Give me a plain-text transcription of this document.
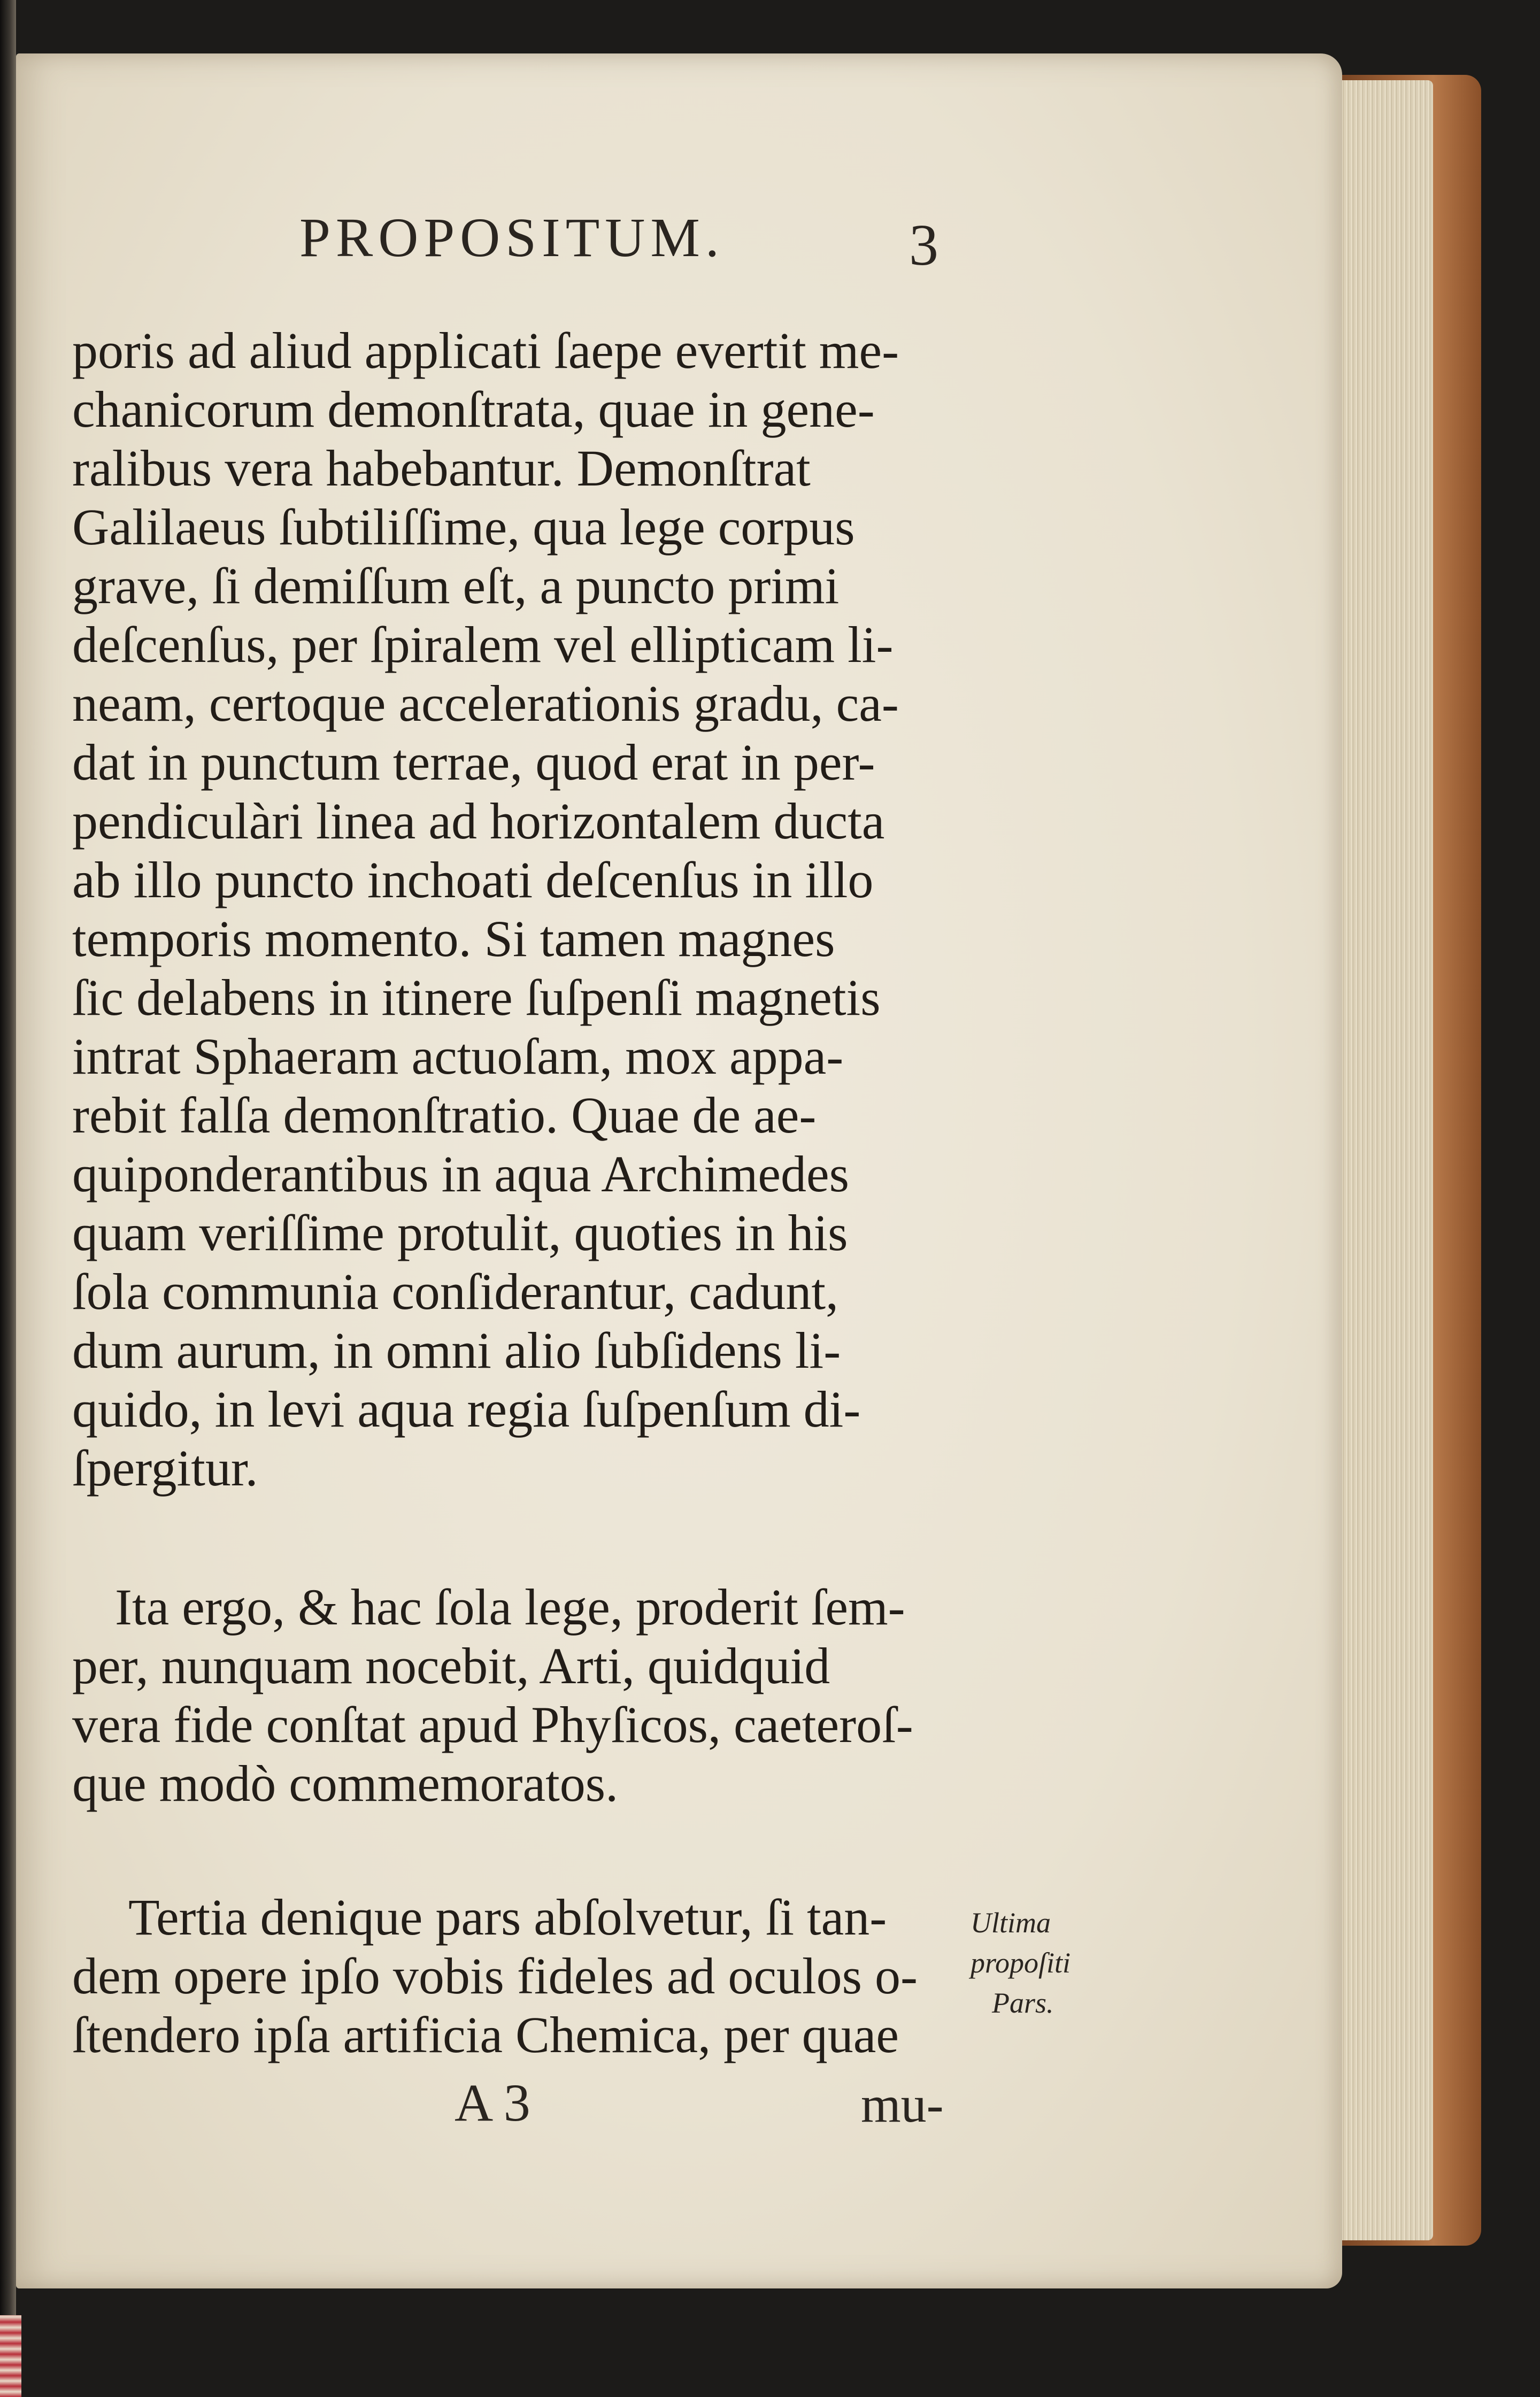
PROPOSITUM.	3
poris ad aliud applicati ſaepe evertit me-
chanicorum demonſtrata, quae in gene-
ralibus vera habebantur. Demonſtrat
Galilaeus ſubtiliſſime, qua lege corpus
grave, ſi demiſſum eſt, a puncto primi
deſcenſus, per ſpiralem vel ellipticam li-
neam, certoque accelerationis gradu, ca-
dat in punctum terrae, quod erat in per-
pendiculàri linea ad horizontalem ducta
ab illo puncto inchoati deſcenſus in illo
temporis momento. Si tamen magnes
ſic delabens in itinere ſuſpenſi magnetis
intrat Sphaeram actuoſam, mox appa-
rebit falſa demonſtratio. Quae de ae-
quiponderantibus in aqua Archimedes
quam veriſſime protulit, quoties in his
ſola communia conſiderantur, cadunt,
dum aurum, in omni alio ſubſidens li-
quido, in levi aqua regia ſuſpenſum di-
ſpergitur.
Ita ergo, & hac ſola lege, proderit ſem-
per, nunquam nocebit, Arti, quidquid
vera fide conſtat apud Phyſicos, caeteroſ-
que modò commemoratos.
Tertia denique pars abſolvetur, ſi tan-
dem opere ipſo vobis fideles ad oculos o-
ſtendero ipſa artificia Chemica, per quae
Ultima
propoſiti
Pars.
A 3	mu-
